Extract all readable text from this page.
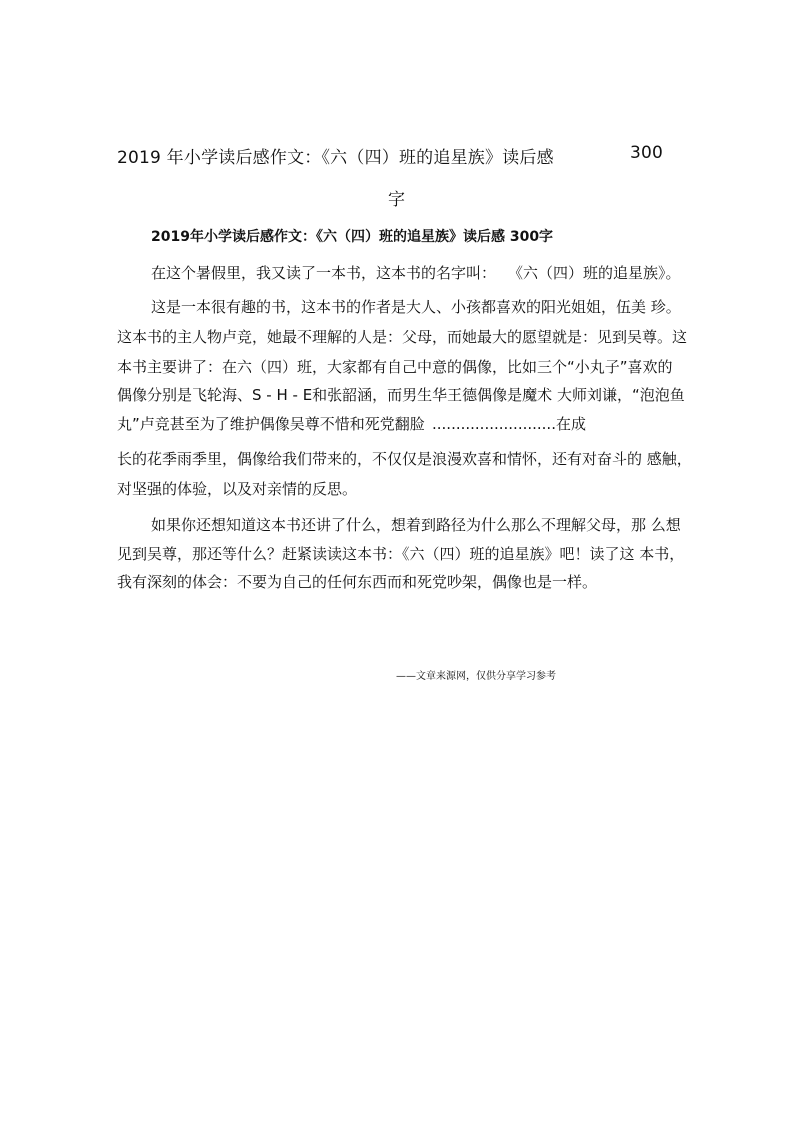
2019 年小学读后感作文：《六（四）班的追星族》读后感	300
字
2019年小学读后感作文：《六（四）班的追星族》读后感 300字
在这个暑假里，我又读了一本书，这本书的名字叫： 《六（四）班的追星族》。
这是一本很有趣的书，这本书的作者是大人、小孩都喜欢的阳光姐姐，伍美 珍。
这本书的主人物卢竞，她最不理解的人是：父母，而她最大的愿望就是：见到吴尊。这
本书主要讲了：在六（四）班，大家都有自己中意的偶像，比如三个“小丸子”喜欢的
偶像分别是飞轮海、S - H - E和张韶涵，而男生华王德偶像是魔术 大师刘谦，“泡泡鱼
丸”卢竞甚至为了维护偶像吴尊不惜和死党翻脸 ..........................在成
长的花季雨季里，偶像给我们带来的，不仅仅是浪漫欢喜和情怀，还有对奋斗的 感触，
对坚强的体验，以及对亲情的反思。
如果你还想知道这本书还讲了什么，想着到路径为什么那么不理解父母，那 么想
见到吴尊，那还等什么？赶紧读读这本书：《六（四）班的追星族》吧！读了这 本书，
我有深刻的体会：不要为自己的任何东西而和死党吵架，偶像也是一样。
——文章来源网，仅供分享学习参考
